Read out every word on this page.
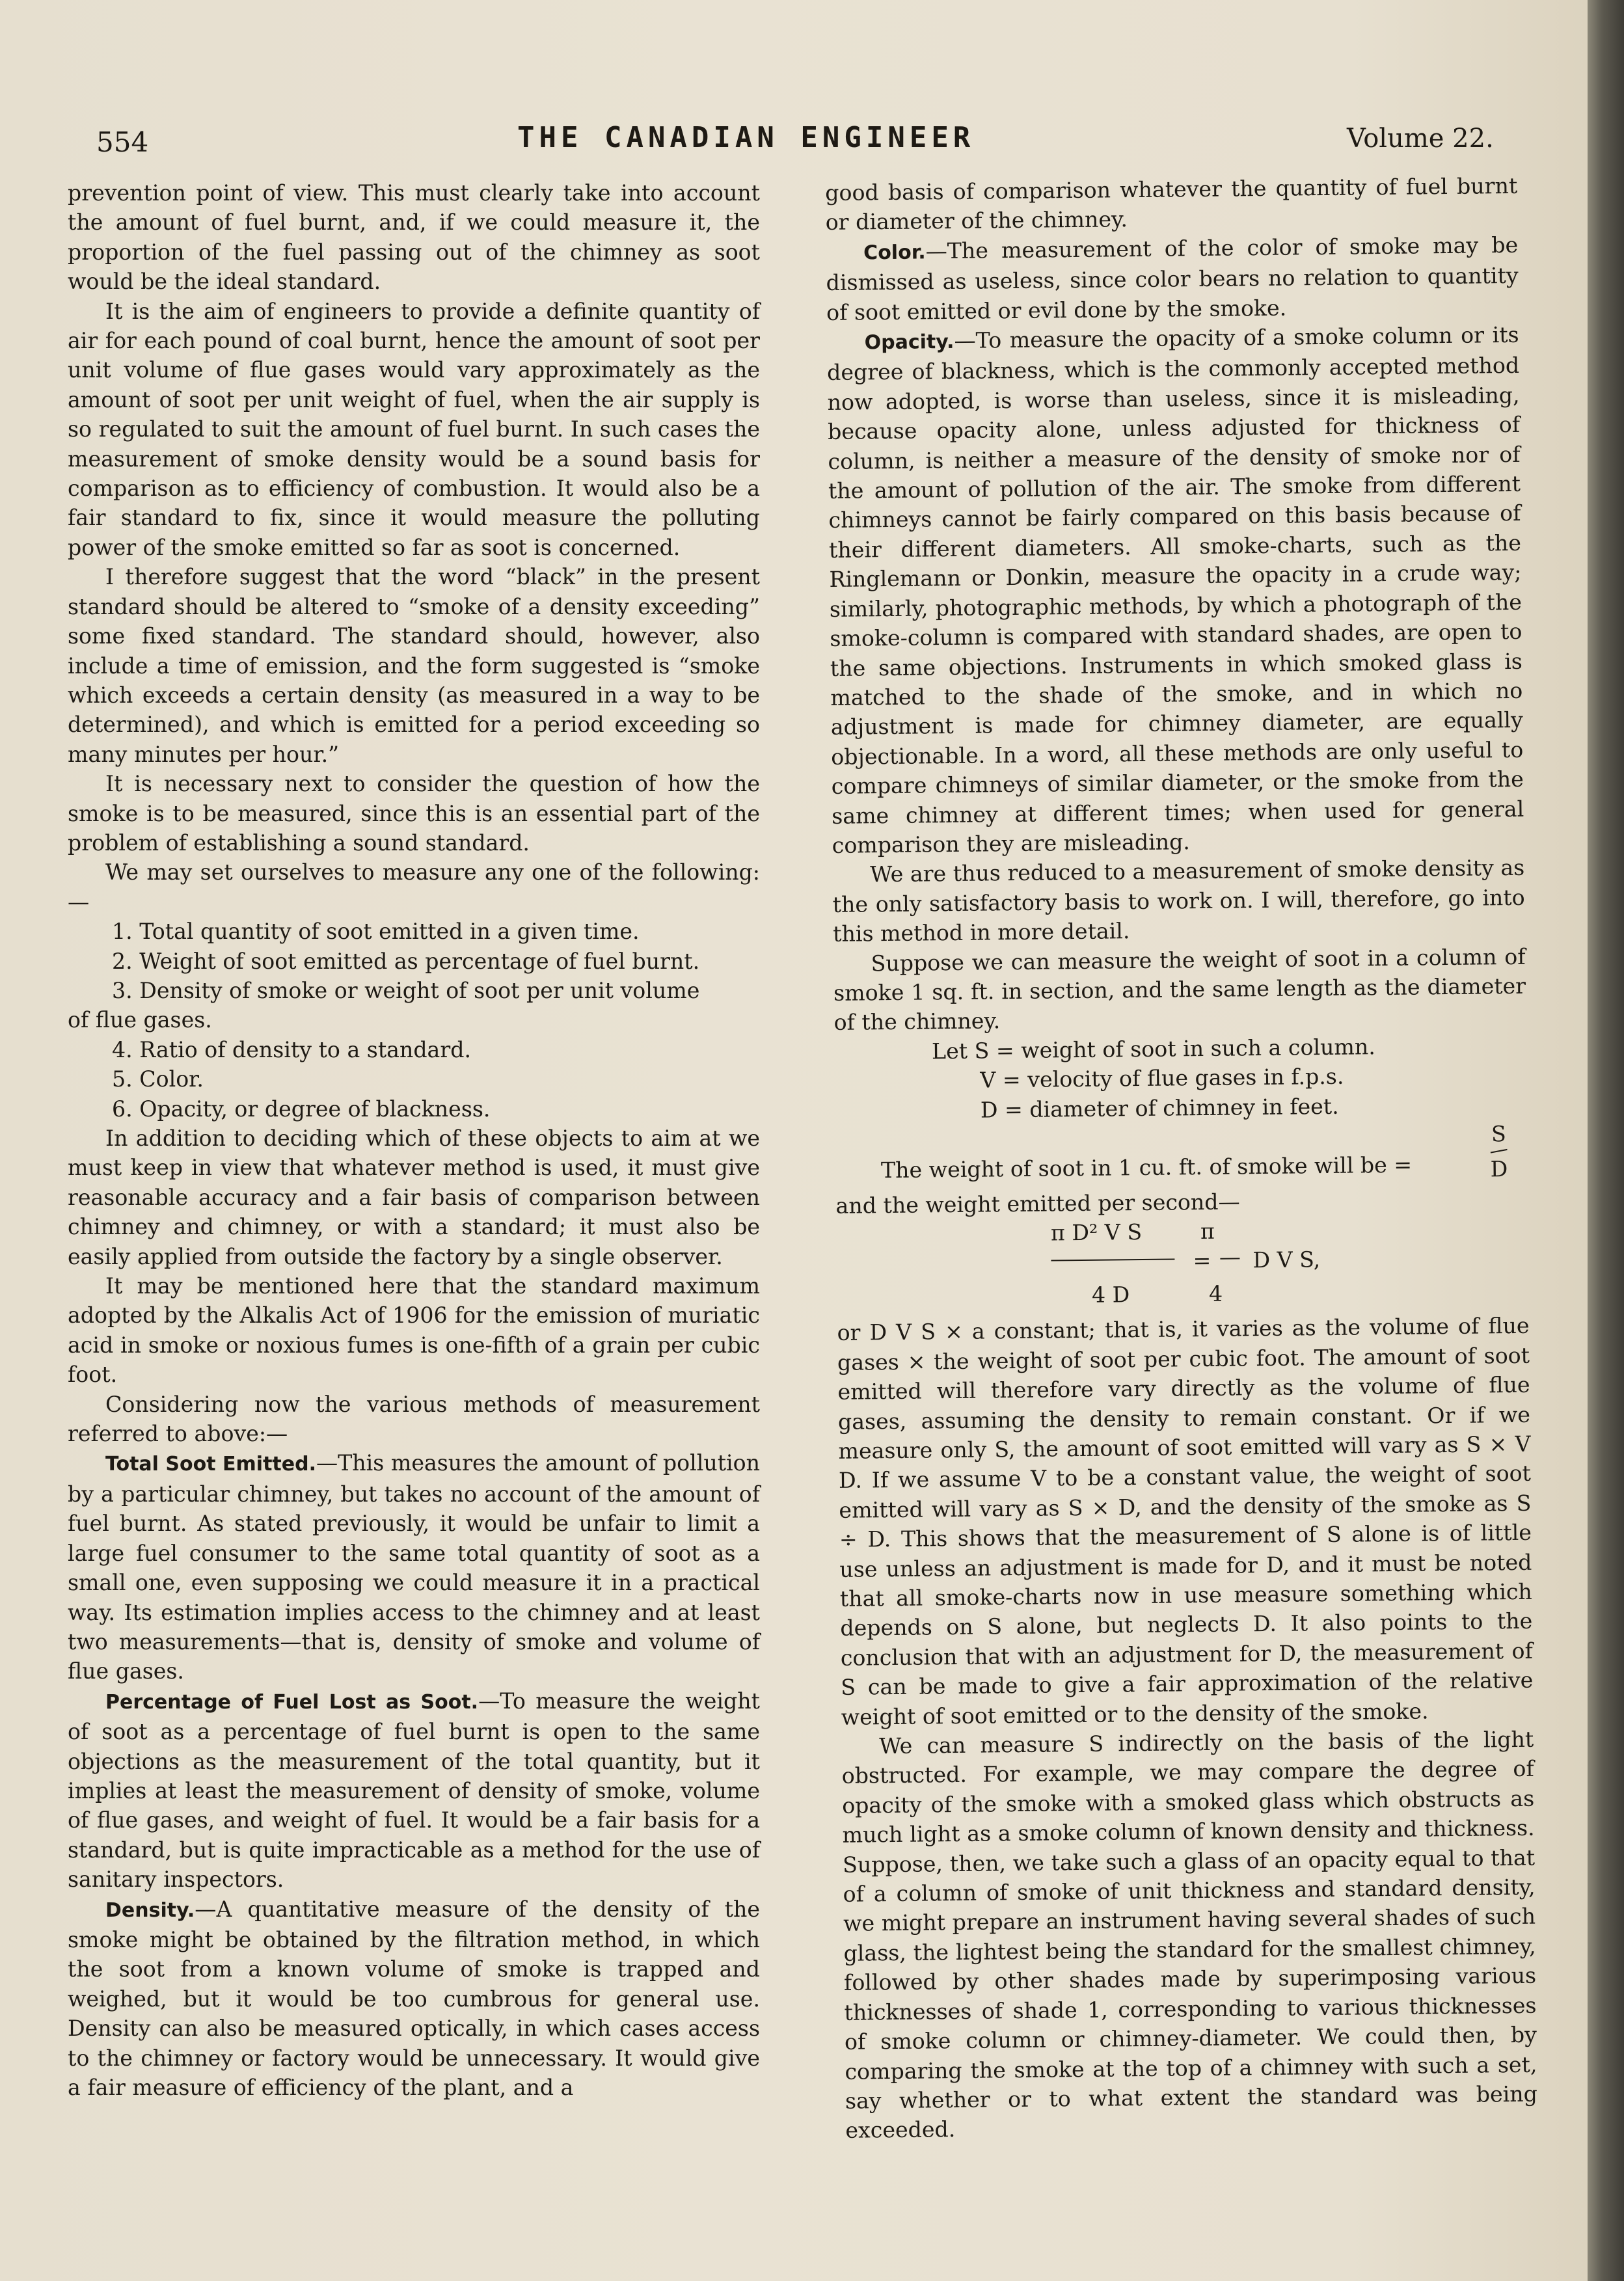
554	THE CANADIAN ENGINEER	Volume 22.

prevention point of view. This must clearly take into account the amount of fuel burnt, and, if we could measure it, the proportion of the fuel passing out of the chimney as soot would be the ideal standard.

It is the aim of engineers to provide a definite quantity of air for each pound of coal burnt, hence the amount of soot per unit volume of flue gases would vary approximately as the amount of soot per unit weight of fuel, when the air supply is so regulated to suit the amount of fuel burnt. In such cases the measurement of smoke density would be a sound basis for comparison as to efficiency of combustion. It would also be a fair standard to fix, since it would measure the polluting power of the smoke emitted so far as soot is concerned.

I therefore suggest that the word “black” in the present standard should be altered to “smoke of a density exceeding” some fixed standard. The standard should, however, also include a time of emission, and the form suggested is “smoke which exceeds a certain density (as measured in a way to be determined), and which is emitted for a period exceeding so many minutes per hour.”

It is necessary next to consider the question of how the smoke is to be measured, since this is an essential part of the problem of establishing a sound standard.

We may set ourselves to measure any one of the following:—

1. Total quantity of soot emitted in a given time.

2. Weight of soot emitted as percentage of fuel burnt.

3. Density of smoke or weight of soot per unit volume
of flue gases.

4. Ratio of density to a standard.

5. Color.

6. Opacity, or degree of blackness.

In addition to deciding which of these objects to aim at we must keep in view that whatever method is used, it must give reasonable accuracy and a fair basis of comparison between chimney and chimney, or with a standard; it must also be easily applied from outside the factory by a single observer.

It may be mentioned here that the standard maximum adopted by the Alkalis Act of 1906 for the emission of muriatic acid in smoke or noxious fumes is one-fifth of a grain per cubic foot.

Considering now the various methods of measurement referred to above:—

Total Soot Emitted.—This measures the amount of pollution by a particular chimney, but takes no account of the amount of fuel burnt. As stated previously, it would be unfair to limit a large fuel consumer to the same total quantity of soot as a small one, even supposing we could measure it in a practical way. Its estimation implies access to the chimney and at least two measurements—that is, density of smoke and volume of flue gases.

Percentage of Fuel Lost as Soot.—To measure the weight of soot as a percentage of fuel burnt is open to the same objections as the measurement of the total quantity, but it implies at least the measurement of density of smoke, volume of flue gases, and weight of fuel. It would be a fair basis for a standard, but is quite impracticable as a method for the use of sanitary inspectors.

Density.—A quantitative measure of the density of the smoke might be obtained by the filtration method, in which the soot from a known volume of smoke is trapped and weighed, but it would be too cumbrous for general use. Density can also be measured optically, in which cases access to the chimney or factory would be unnecessary. It would give a fair measure of efficiency of the plant, and a

good basis of comparison whatever the quantity of fuel burnt or diameter of the chimney.

Color.—The measurement of the color of smoke may be dismissed as useless, since color bears no relation to quantity of soot emitted or evil done by the smoke.

Opacity.—To measure the opacity of a smoke column or its degree of blackness, which is the commonly accepted method now adopted, is worse than useless, since it is misleading, because opacity alone, unless adjusted for thickness of column, is neither a measure of the density of smoke nor of the amount of pollution of the air. The smoke from different chimneys cannot be fairly compared on this basis because of their different diameters. All smoke-charts, such as the Ringlemann or Donkin, measure the opacity in a crude way; similarly, photographic methods, by which a photograph of the smoke-column is compared with standard shades, are open to the same objections. Instruments in which smoked glass is matched to the shade of the smoke, and in which no adjustment is made for chimney diameter, are equally objectionable. In a word, all these methods are only useful to compare chimneys of similar diameter, or the smoke from the same chimney at different times; when used for general comparison they are misleading.

We are thus reduced to a measurement of smoke density as the only satisfactory basis to work on. I will, therefore, go into this method in more detail.

Suppose we can measure the weight of soot in a column of smoke 1 sq. ft. in section, and the same length as the diameter of the chimney.

Let S = weight of soot in such a column.
V = velocity of flue gases in f.p.s.
D = diameter of chimney in feet.
The weight of soot in 1 cu. ft. of smoke will be =
S
D

and the weight emitted per second—

π D² V S
=
π
D V S,
4 D	4

or D V S × a constant; that is, it varies as the volume of flue gases × the weight of soot per cubic foot. The amount of soot emitted will therefore vary directly as the volume of flue gases, assuming the density to remain constant. Or if we measure only S, the amount of soot emitted will vary as S × V D. If we assume V to be a constant value, the weight of soot emitted will vary as S × D, and the density of the smoke as S ÷ D. This shows that the measurement of S alone is of little use unless an adjustment is made for D, and it must be noted that all smoke-charts now in use measure something which depends on S alone, but neglects D. It also points to the conclusion that with an adjustment for D, the measurement of S can be made to give a fair approximation of the relative weight of soot emitted or to the density of the smoke.

We can measure S indirectly on the basis of the light obstructed. For example, we may compare the degree of opacity of the smoke with a smoked glass which obstructs as much light as a smoke column of known density and thickness. Suppose, then, we take such a glass of an opacity equal to that of a column of smoke of unit thickness and standard density, we might prepare an instrument having several shades of such glass, the lightest being the standard for the smallest chimney, followed by other shades made by superimposing various thicknesses of shade 1, corresponding to various thicknesses of smoke column or chimney-diameter. We could then, by comparing the smoke at the top of a chimney with such a set, say whether or to what extent the standard was being exceeded.
